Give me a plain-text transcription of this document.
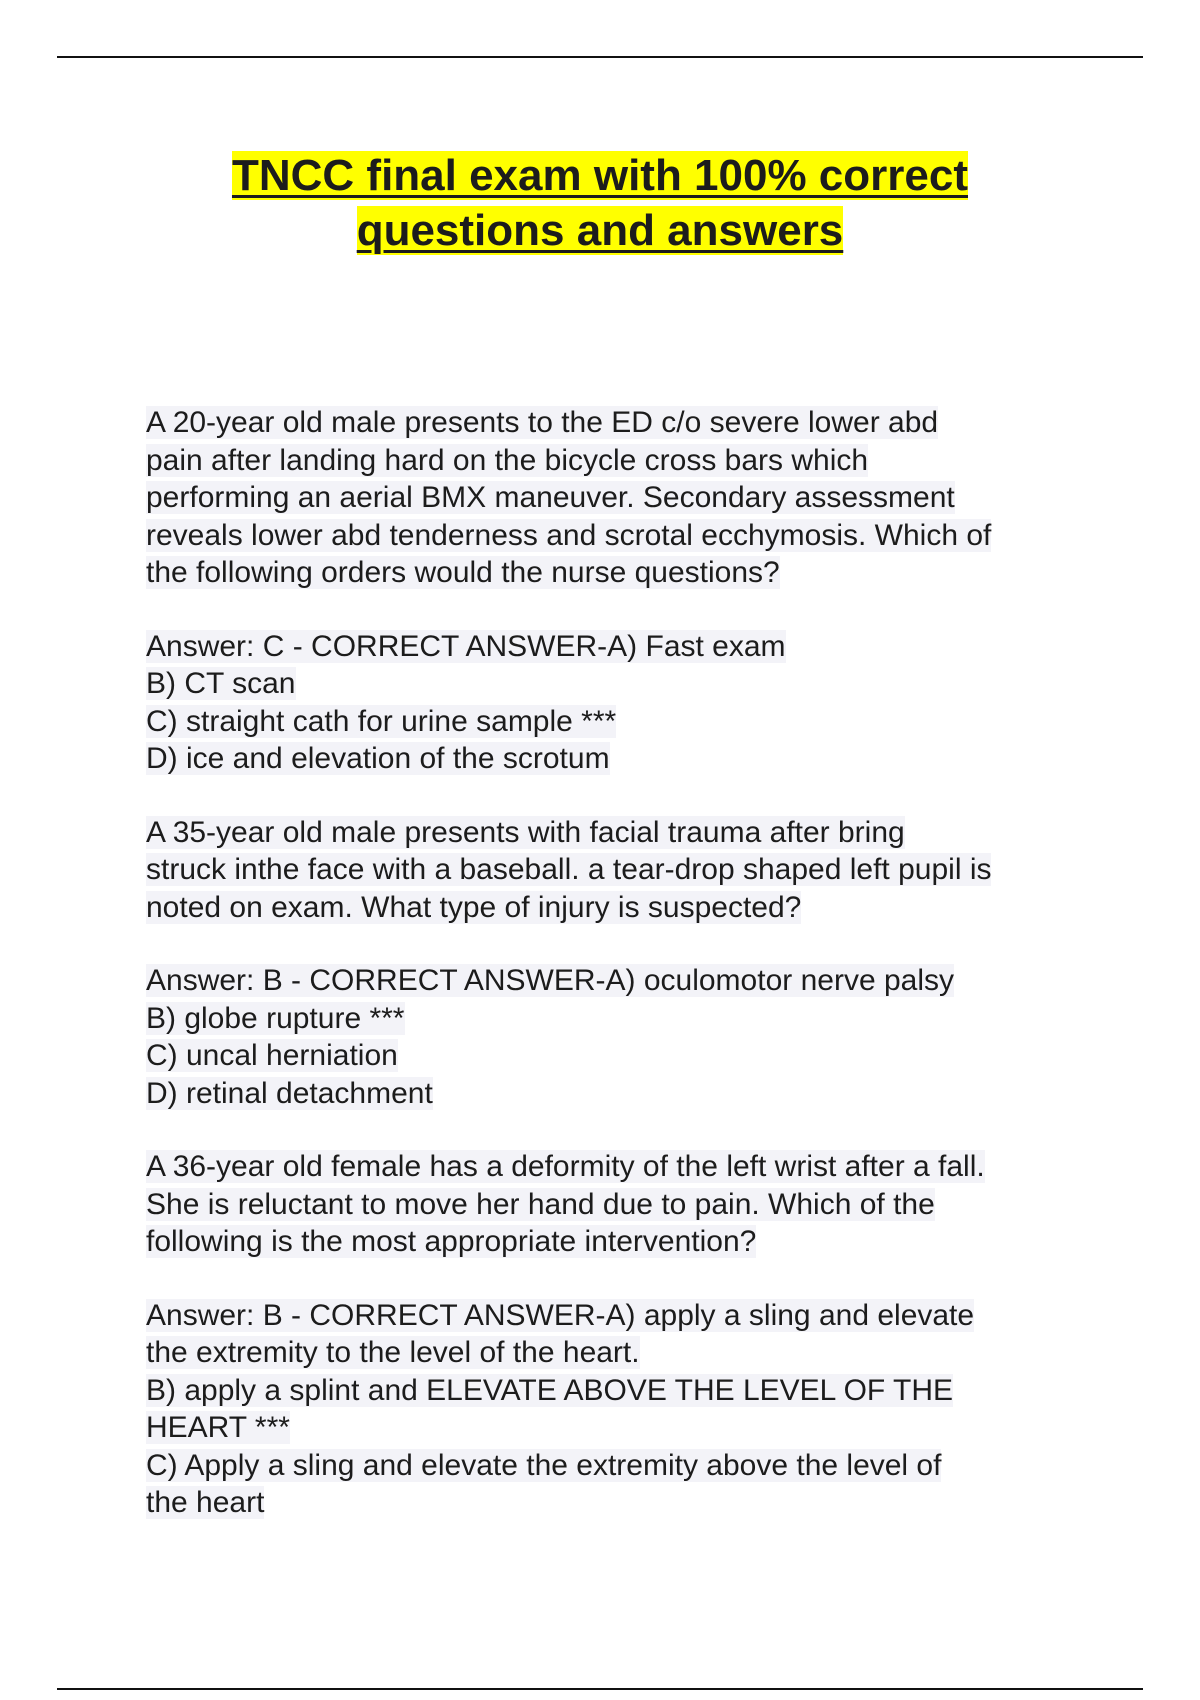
TNCC final exam with 100% correct
questions and answers
A 20-year old male presents to the ED c/o severe lower abd
pain after landing hard on the bicycle cross bars which
performing an aerial BMX maneuver. Secondary assessment
reveals lower abd tenderness and scrotal ecchymosis. Which of
the following orders would the nurse questions?
Answer: C - CORRECT ANSWER-A) Fast exam
B) CT scan
C) straight cath for urine sample ***
D) ice and elevation of the scrotum
A 35-year old male presents with facial trauma after bring
struck inthe face with a baseball. a tear-drop shaped left pupil is
noted on exam. What type of injury is suspected?
Answer: B - CORRECT ANSWER-A) oculomotor nerve palsy
B) globe rupture ***
C) uncal herniation
D) retinal detachment
A 36-year old female has a deformity of the left wrist after a fall.
She is reluctant to move her hand due to pain. Which of the
following is the most appropriate intervention?
Answer: B - CORRECT ANSWER-A) apply a sling and elevate
the extremity to the level of the heart.
B) apply a splint and ELEVATE ABOVE THE LEVEL OF THE
HEART ***
C) Apply a sling and elevate the extremity above the level of
the heart
